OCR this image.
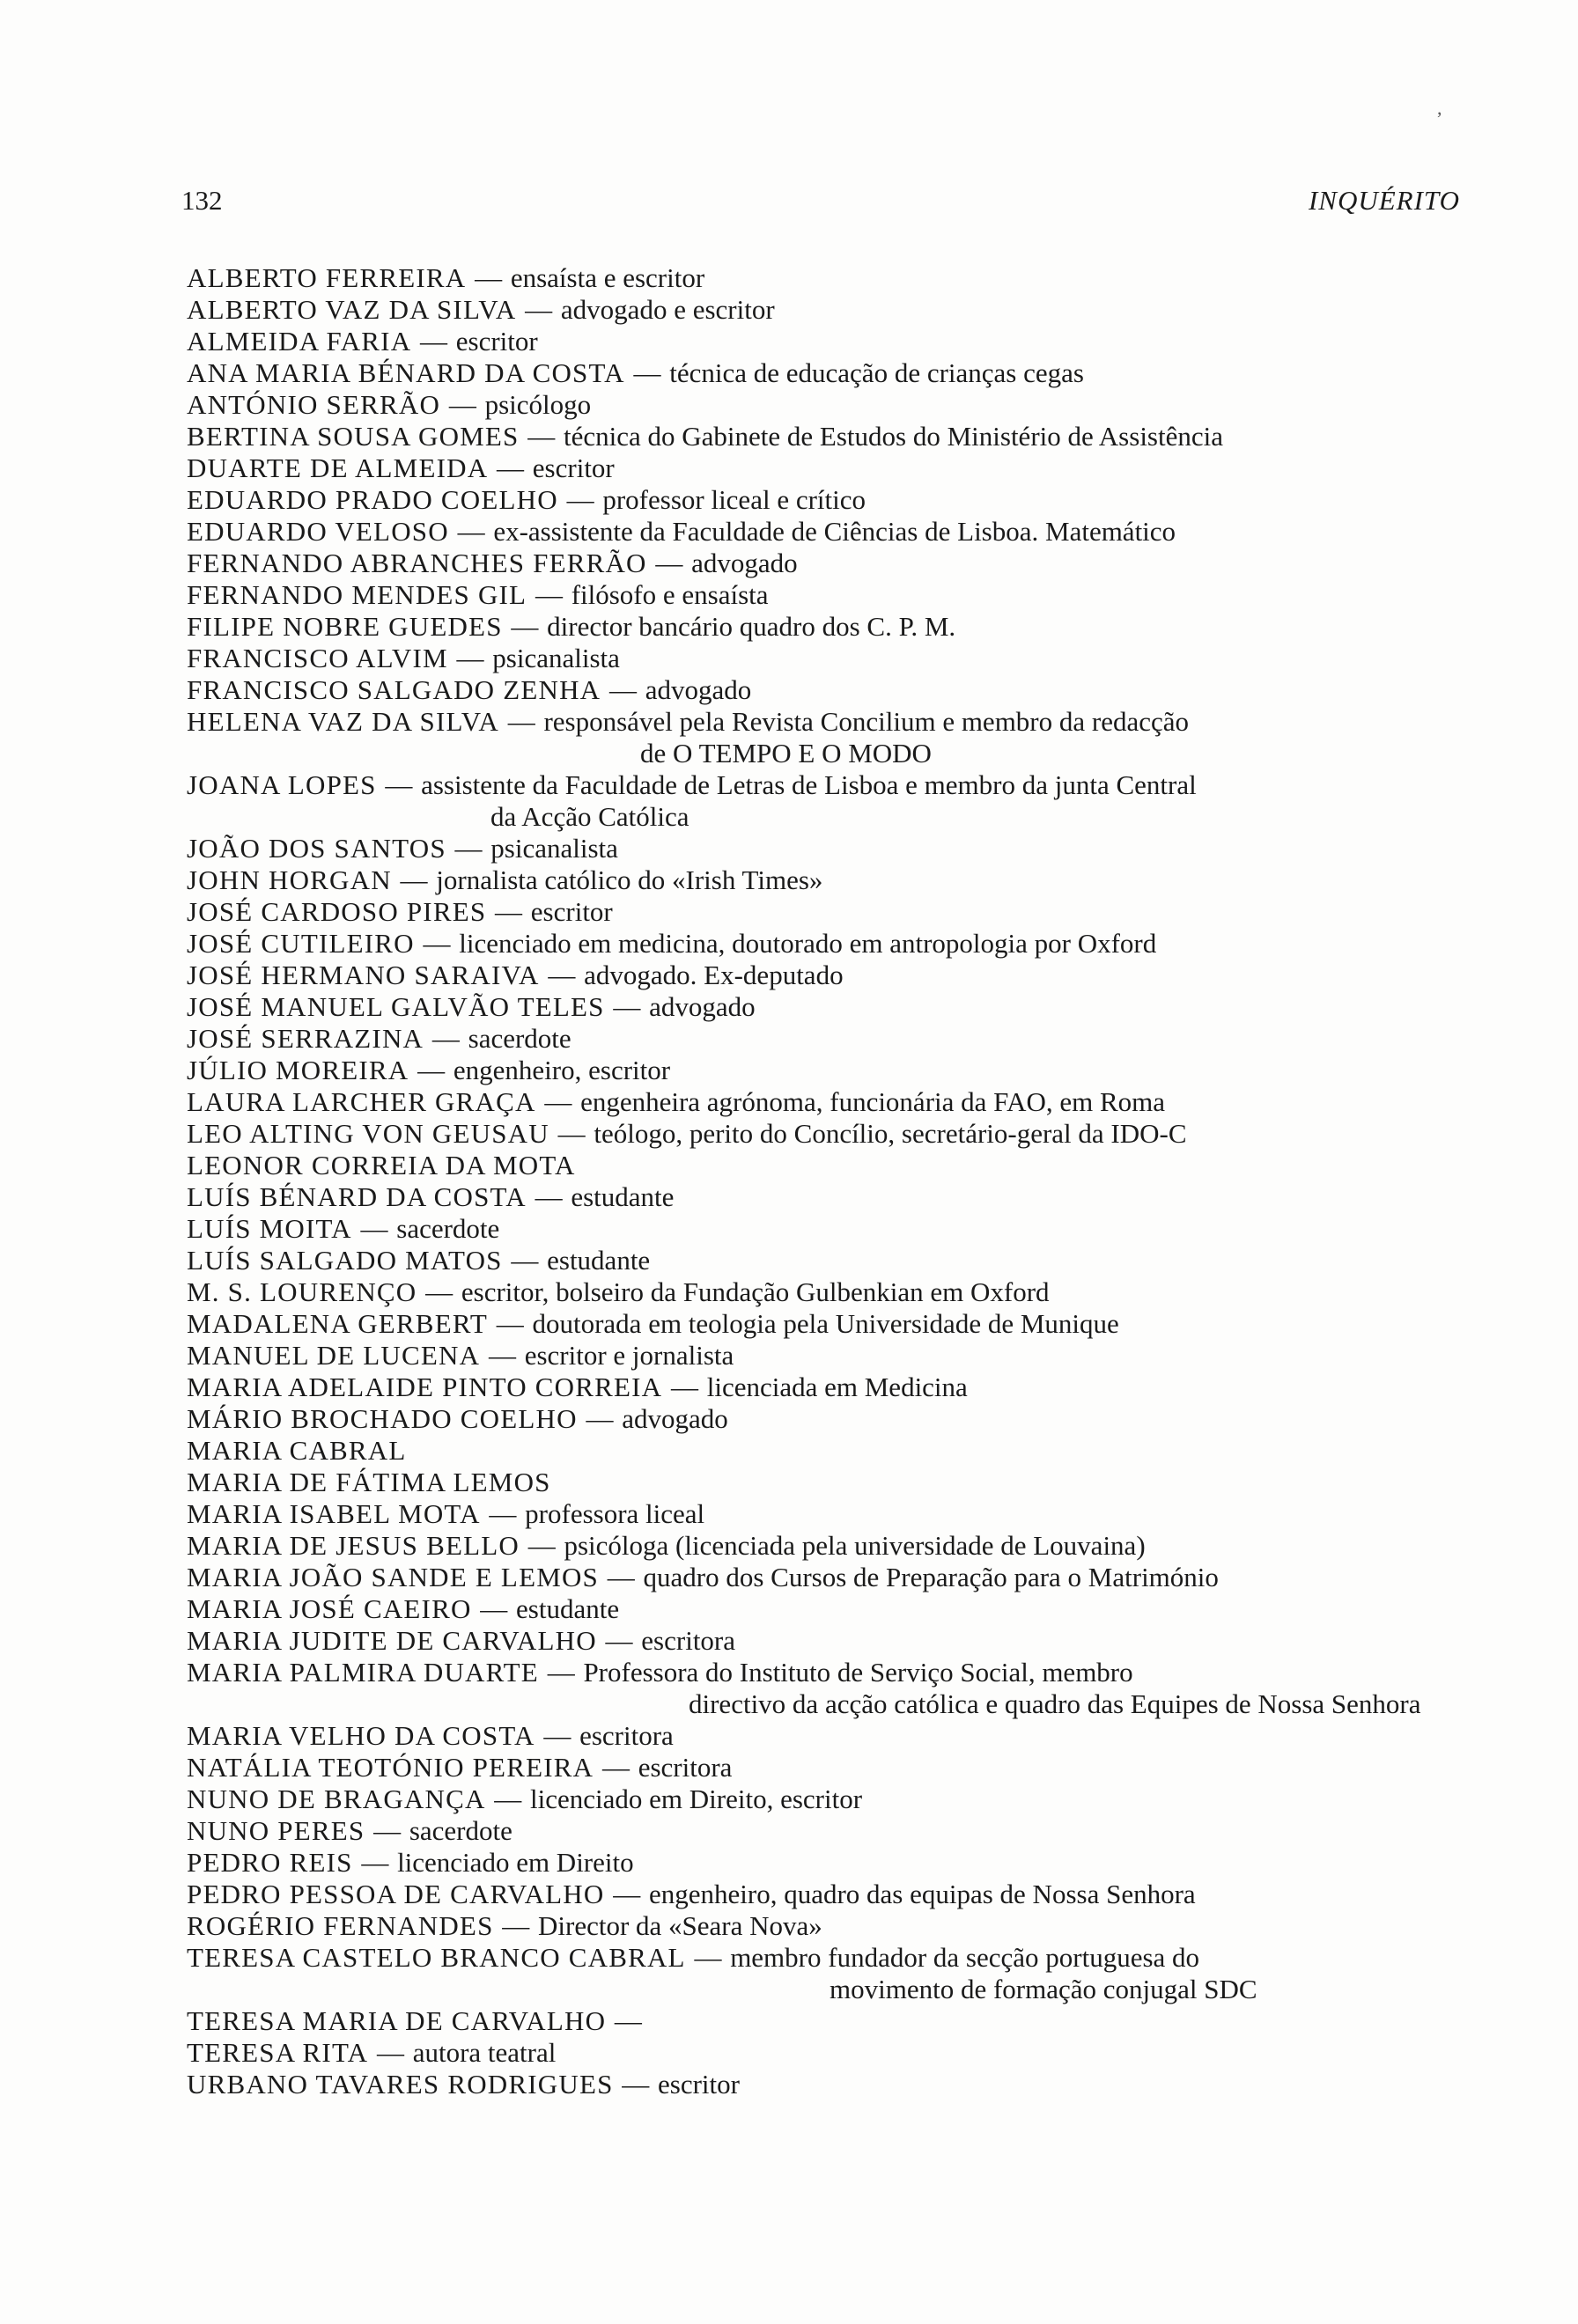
132	INQUÉRITO
ALBERTO FERREIRA — ensaísta e escritor
ALBERTO VAZ DA SILVA — advogado e escritor
ALMEIDA FARIA — escritor
ANA MARIA BÉNARD DA COSTA — técnica de educação de crianças cegas
ANTÓNIO SERRÃO — psicólogo
BERTINA SOUSA GOMES — técnica do Gabinete de Estudos do Ministério de Assistência
DUARTE DE ALMEIDA — escritor
EDUARDO PRADO COELHO — professor liceal e crítico
EDUARDO VELOSO — ex-assistente da Faculdade de Ciências de Lisboa. Matemático
FERNANDO ABRANCHES FERRÃO — advogado
FERNANDO MENDES GIL — filósofo e ensaísta
FILIPE NOBRE GUEDES — director bancário quadro dos C. P. M.
FRANCISCO ALVIM — psicanalista
FRANCISCO SALGADO ZENHA — advogado
HELENA VAZ DA SILVA — responsável pela Revista Concilium e membro da redacção
de O TEMPO E O MODO
JOANA LOPES — assistente da Faculdade de Letras de Lisboa e membro da junta Central
da Acção Católica
JOÃO DOS SANTOS — psicanalista
JOHN HORGAN — jornalista católico do «Irish Times»
JOSÉ CARDOSO PIRES — escritor
JOSÉ CUTILEIRO — licenciado em medicina, doutorado em antropologia por Oxford
JOSÉ HERMANO SARAIVA — advogado. Ex-deputado
JOSÉ MANUEL GALVÃO TELES — advogado
JOSÉ SERRAZINA — sacerdote
JÚLIO MOREIRA — engenheiro, escritor
LAURA LARCHER GRAÇA — engenheira agrónoma, funcionária da FAO, em Roma
LEO ALTING VON GEUSAU — teólogo, perito do Concílio, secretário-geral da IDO-C
LEONOR CORREIA DA MOTA
LUÍS BÉNARD DA COSTA — estudante
LUÍS MOITA — sacerdote
LUÍS SALGADO MATOS — estudante
M. S. LOURENÇO — escritor, bolseiro da Fundação Gulbenkian em Oxford
MADALENA GERBERT — doutorada em teologia pela Universidade de Munique
MANUEL DE LUCENA — escritor e jornalista
MARIA ADELAIDE PINTO CORREIA — licenciada em Medicina
MÁRIO BROCHADO COELHO — advogado
MARIA CABRAL
MARIA DE FÁTIMA LEMOS
MARIA ISABEL MOTA — professora liceal
MARIA DE JESUS BELLO — psicóloga (licenciada pela universidade de Louvaina)
MARIA JOÃO SANDE E LEMOS — quadro dos Cursos de Preparação para o Matrimónio
MARIA JOSÉ CAEIRO — estudante
MARIA JUDITE DE CARVALHO — escritora
MARIA PALMIRA DUARTE — Professora do Instituto de Serviço Social, membro
directivo da acção católica e quadro das Equipes de Nossa Senhora
MARIA VELHO DA COSTA — escritora
NATÁLIA TEOTÓNIO PEREIRA — escritora
NUNO DE BRAGANÇA — licenciado em Direito, escritor
NUNO PERES — sacerdote
PEDRO REIS — licenciado em Direito
PEDRO PESSOA DE CARVALHO — engenheiro, quadro das equipas de Nossa Senhora
ROGÉRIO FERNANDES — Director da «Seara Nova»
TERESA CASTELO BRANCO CABRAL — membro fundador da secção portuguesa do
movimento de formação conjugal SDC
TERESA MARIA DE CARVALHO —
TERESA RITA — autora teatral
URBANO TAVARES RODRIGUES — escritor
,
